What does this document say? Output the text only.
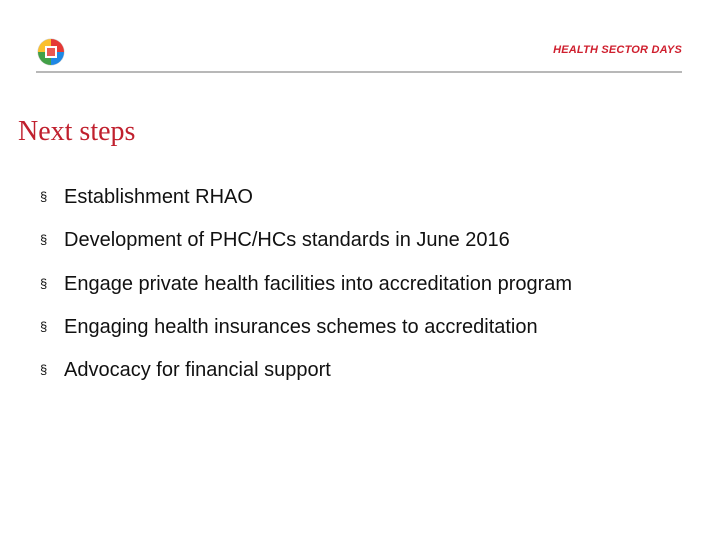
HEALTH SECTOR DAYS
Next steps
§ Establishment RHAO
§ Development of PHC/HCs standards in June 2016
§ Engage private health facilities into accreditation program
§ Engaging health insurances schemes to accreditation
§ Advocacy for financial support
